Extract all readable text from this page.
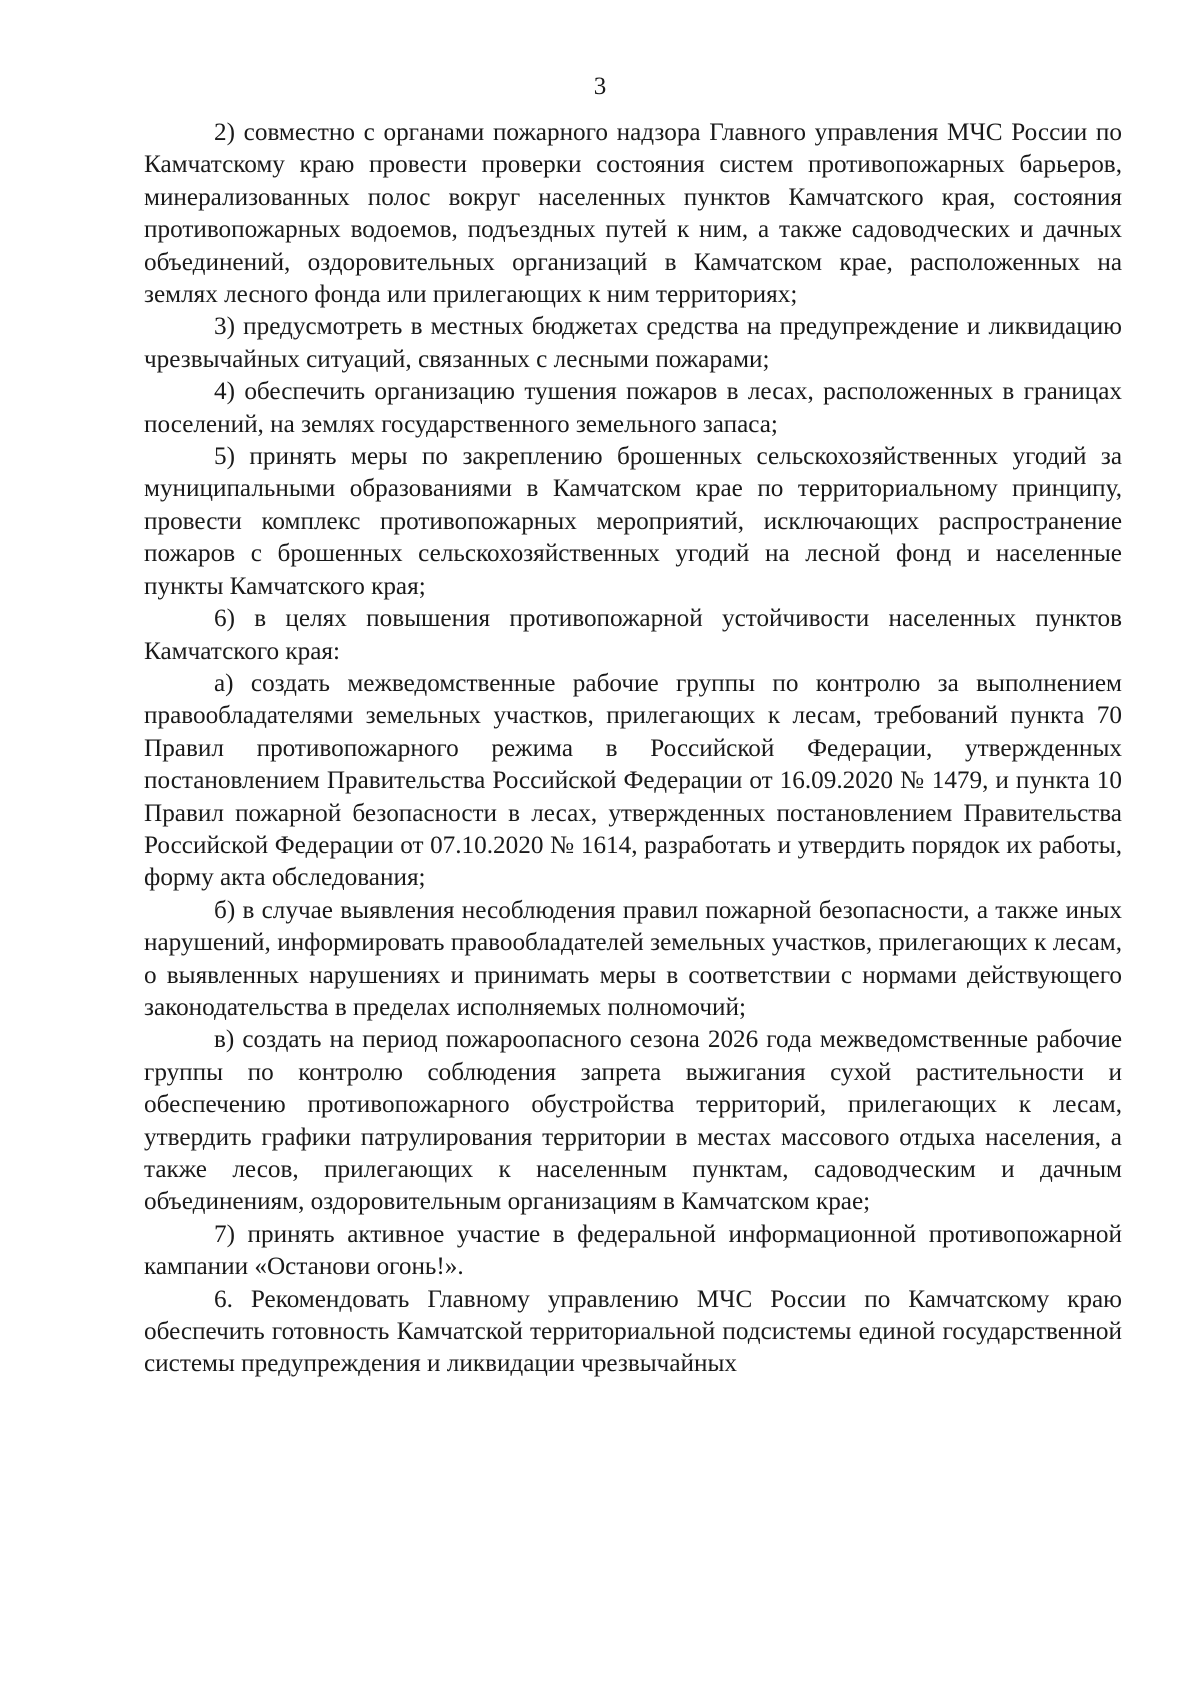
3

2) совместно с органами пожарного надзора Главного управления МЧС России по Камчатскому краю провести проверки состояния систем противопожарных барьеров, минерализованных полос вокруг населенных пунктов Камчатского края, состояния противопожарных водоемов, подъездных путей к ним, а также садоводческих и дачных объединений, оздоровительных организаций в Камчатском крае, расположенных на землях лесного фонда или прилегающих к ним территориях;

3) предусмотреть в местных бюджетах средства на предупреждение и ликвидацию чрезвычайных ситуаций, связанных с лесными пожарами;

4) обеспечить организацию тушения пожаров в лесах, расположенных в границах поселений, на землях государственного земельного запаса;

5) принять меры по закреплению брошенных сельскохозяйственных угодий за муниципальными образованиями в Камчатском крае по территориальному принципу, провести комплекс противопожарных мероприятий, исключающих распространение пожаров с брошенных сельскохозяйственных угодий на лесной фонд и населенные пункты Камчатского края;

6) в целях повышения противопожарной устойчивости населенных пунктов Камчатского края:

а) создать межведомственные рабочие группы по контролю за выполнением правообладателями земельных участков, прилегающих к лесам, требований пункта 70 Правил противопожарного режима в Российской Федерации, утвержденных постановлением Правительства Российской Федерации от 16.09.2020 № 1479, и пункта 10 Правил пожарной безопасности в лесах, утвержденных постановлением Правительства Российской Федерации от 07.10.2020 № 1614, разработать и утвердить порядок их работы, форму акта обследования;

б) в случае выявления несоблюдения правил пожарной безопасности, а также иных нарушений, информировать правообладателей земельных участков, прилегающих к лесам, о выявленных нарушениях и принимать меры в соответствии с нормами действующего законодательства в пределах исполняемых полномочий;

в) создать на период пожароопасного сезона 2026 года межведомственные рабочие группы по контролю соблюдения запрета выжигания сухой растительности и обеспечению противопожарного обустройства территорий, прилегающих к лесам, утвердить графики патрулирования территории в местах массового отдыха населения, а также лесов, прилегающих к населенным пунктам, садоводческим и дачным объединениям, оздоровительным организациям в Камчатском крае;

7) принять активное участие в федеральной информационной противопожарной кампании «Останови огонь!».

6. Рекомендовать Главному управлению МЧС России по Камчатскому краю обеспечить готовность Камчатской территориальной подсистемы единой государственной системы предупреждения и ликвидации чрезвычайных
